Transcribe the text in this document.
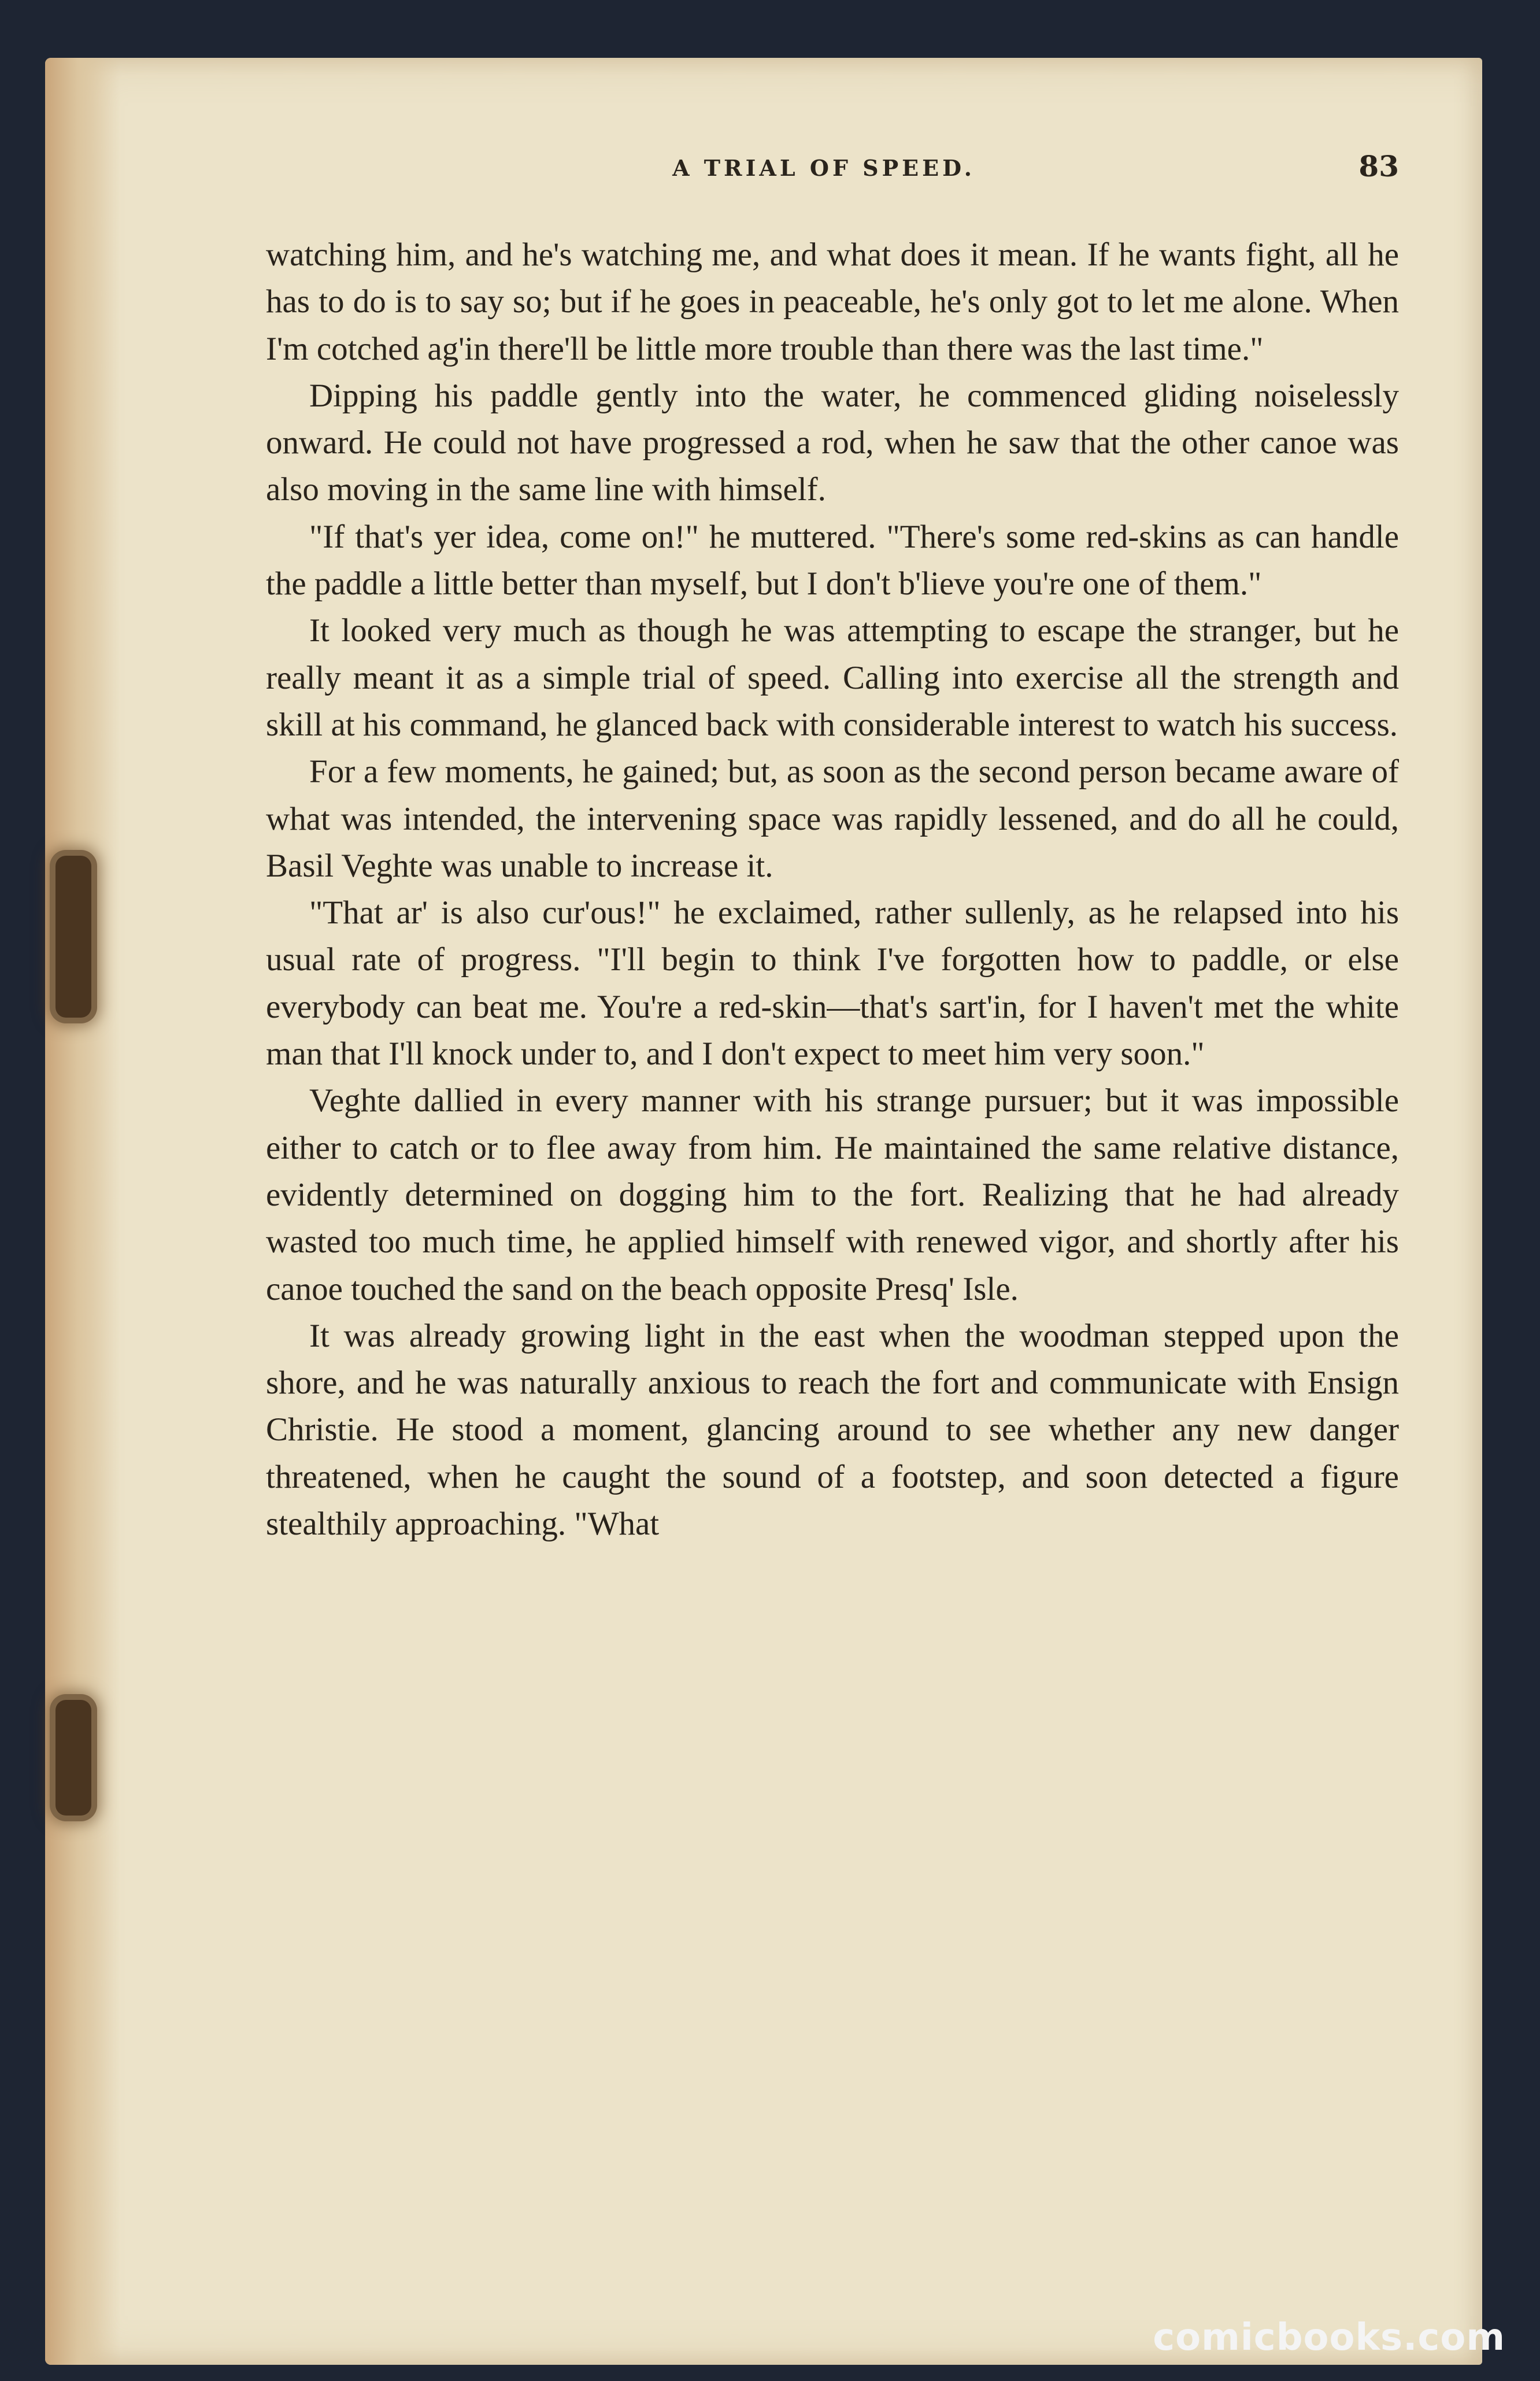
A TRIAL OF SPEED.	83

watching him, and he's watching me, and what does it mean. If he wants fight, all he has to do is to say so; but if he goes in peaceable, he's only got to let me alone. When I'm cotched ag'in there'll be little more trouble than there was the last time."

Dipping his paddle gently into the water, he commenced gliding noiselessly onward. He could not have progressed a rod, when he saw that the other canoe was also moving in the same line with himself.

"If that's yer idea, come on!" he muttered. "There's some red-skins as can handle the paddle a little better than myself, but I don't b'lieve you're one of them."

It looked very much as though he was attempting to escape the stranger, but he really meant it as a simple trial of speed. Calling into exercise all the strength and skill at his command, he glanced back with considerable interest to watch his success.

For a few moments, he gained; but, as soon as the second person became aware of what was intended, the intervening space was rapidly lessened, and do all he could, Basil Veghte was unable to increase it.

"That ar' is also cur'ous!" he exclaimed, rather sullenly, as he relapsed into his usual rate of progress. "I'll begin to think I've forgotten how to paddle, or else everybody can beat me. You're a red-skin—that's sart'in, for I haven't met the white man that I'll knock under to, and I don't expect to meet him very soon."

Veghte dallied in every manner with his strange pursuer; but it was impossible either to catch or to flee away from him. He maintained the same relative distance, evidently determined on dogging him to the fort. Realizing that he had already wasted too much time, he applied himself with renewed vigor, and shortly after his canoe touched the sand on the beach opposite Presq' Isle.

It was already growing light in the east when the woodman stepped upon the shore, and he was naturally anxious to reach the fort and communicate with Ensign Christie. He stood a moment, glancing around to see whether any new danger threatened, when he caught the sound of a footstep, and soon detected a figure stealthily approaching. "What

comicbooks.com
